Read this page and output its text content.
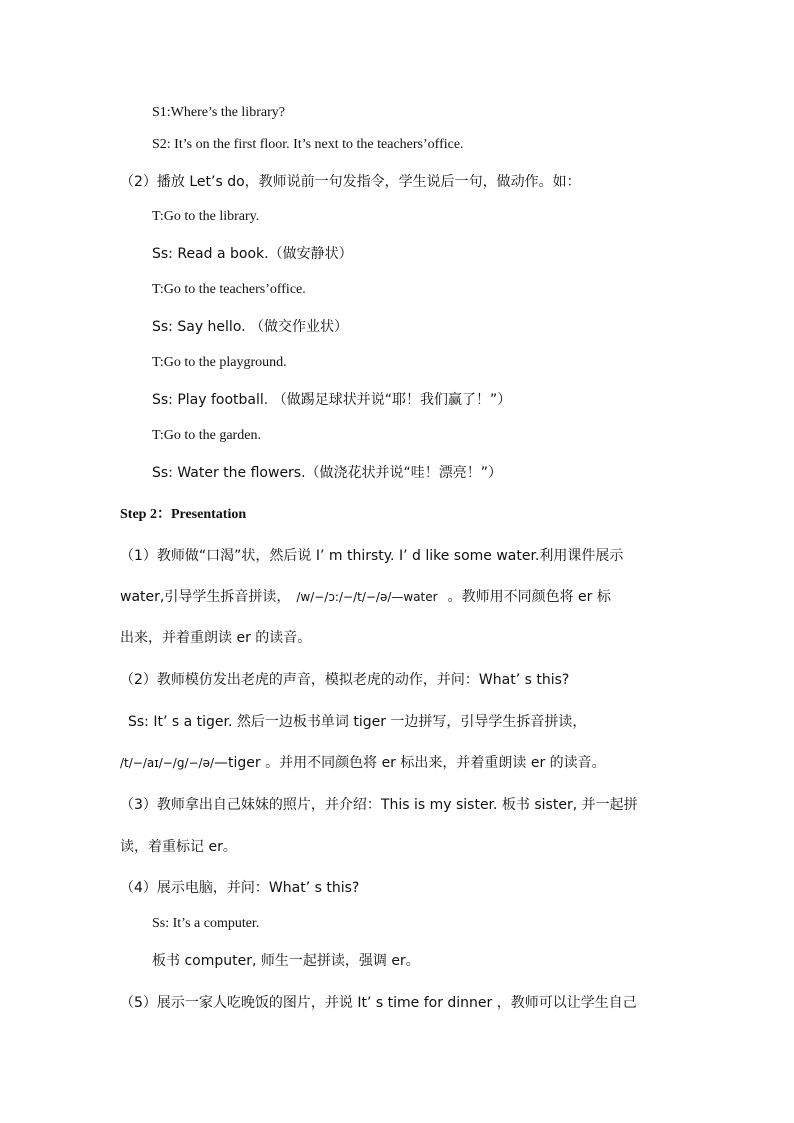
S1:Where’s the library?
S2: It’s on the first floor. It’s next to the teachers’office.
（2）播放 Let’s do，教师说前一句发指令，学生说后一句，做动作。如：
T:Go to the library.
Ss: Read a book.（做安静状）
T:Go to the teachers’office.
Ss: Say hello. （做交作业状）
T:Go to the playground.
Ss: Play football. （做踢足球状并说“耶！我们赢了！”）
T:Go to the garden.
Ss: Water the flowers.（做浇花状并说“哇！漂亮！”）
Step 2：Presentation
（1）教师做“口渴”状，然后说 I’ m thirsty. I’ d like some water.利用课件展示
water,引导学生拆音拼读， /w/−/ɔ:/−/t/−/ə/—water 。教师用不同颜色将 er 标
出来，并着重朗读 er 的读音。
（2）教师模仿发出老虎的声音，模拟老虎的动作，并问：What’ s this?
Ss: It’ s a tiger. 然后一边板书单词 tiger 一边拼写，引导学生拆音拼读，
/t/−/aɪ/−/g/−/ə/—tiger 。并用不同颜色将 er 标出来，并着重朗读 er 的读音。
（3）教师拿出自己妹妹的照片，并介绍：This is my sister. 板书 sister, 并一起拼
读，着重标记 er。
（4）展示电脑，并问：What’ s this?
Ss: It’s a computer.
板书 computer, 师生一起拼读，强调 er。
（5）展示一家人吃晚饭的图片，并说 It’ s time for dinner ，教师可以让学生自己
